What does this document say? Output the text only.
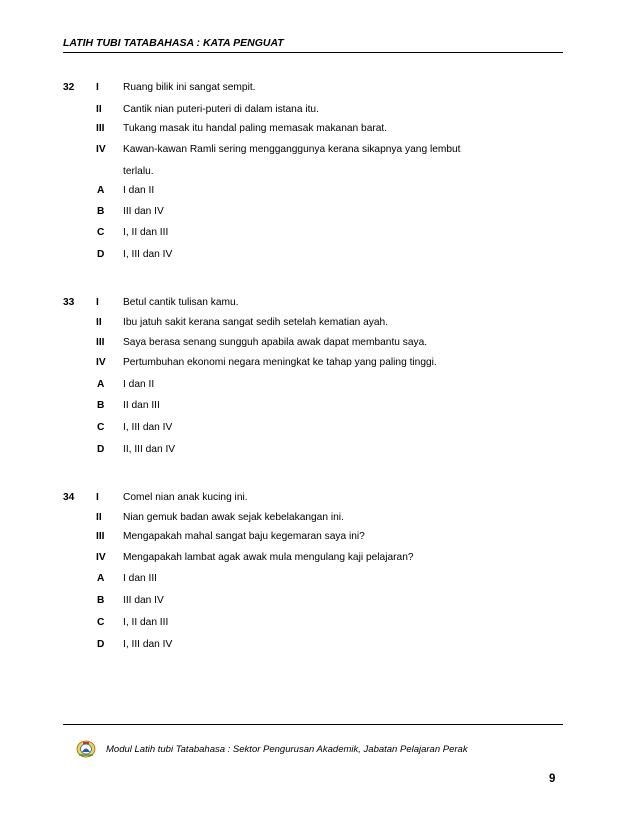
LATIH TUBI TATABAHASA : KATA PENGUAT
32 I Ruang bilik ini sangat sempit.
II Cantik nian puteri-puteri di dalam istana itu.
III Tukang masak itu handal paling memasak makanan barat.
IV Kawan-kawan Ramli sering mengganggunya kerana sikapnya yang lembut
terlalu.
A I dan II
B III dan IV
C I, II dan III
D I, III dan IV
33 I Betul cantik tulisan kamu.
II Ibu jatuh sakit kerana sangat sedih setelah kematian ayah.
III Saya berasa senang sungguh apabila awak dapat membantu saya.
IV Pertumbuhan ekonomi negara meningkat ke tahap yang paling tinggi.
A I dan II
B II dan III
C I, III dan IV
D II, III dan IV
34 I Comel nian anak kucing ini.
II Nian gemuk badan awak sejak kebelakangan ini.
III Mengapakah mahal sangat baju kegemaran saya ini?
IV Mengapakah lambat agak awak mula mengulang kaji pelajaran?
A I dan III
B III dan IV
C I, II dan III
D I, III dan IV
Modul Latih tubi Tatabahasa : Sektor Pengurusan Akademik, Jabatan Pelajaran Perak
9
